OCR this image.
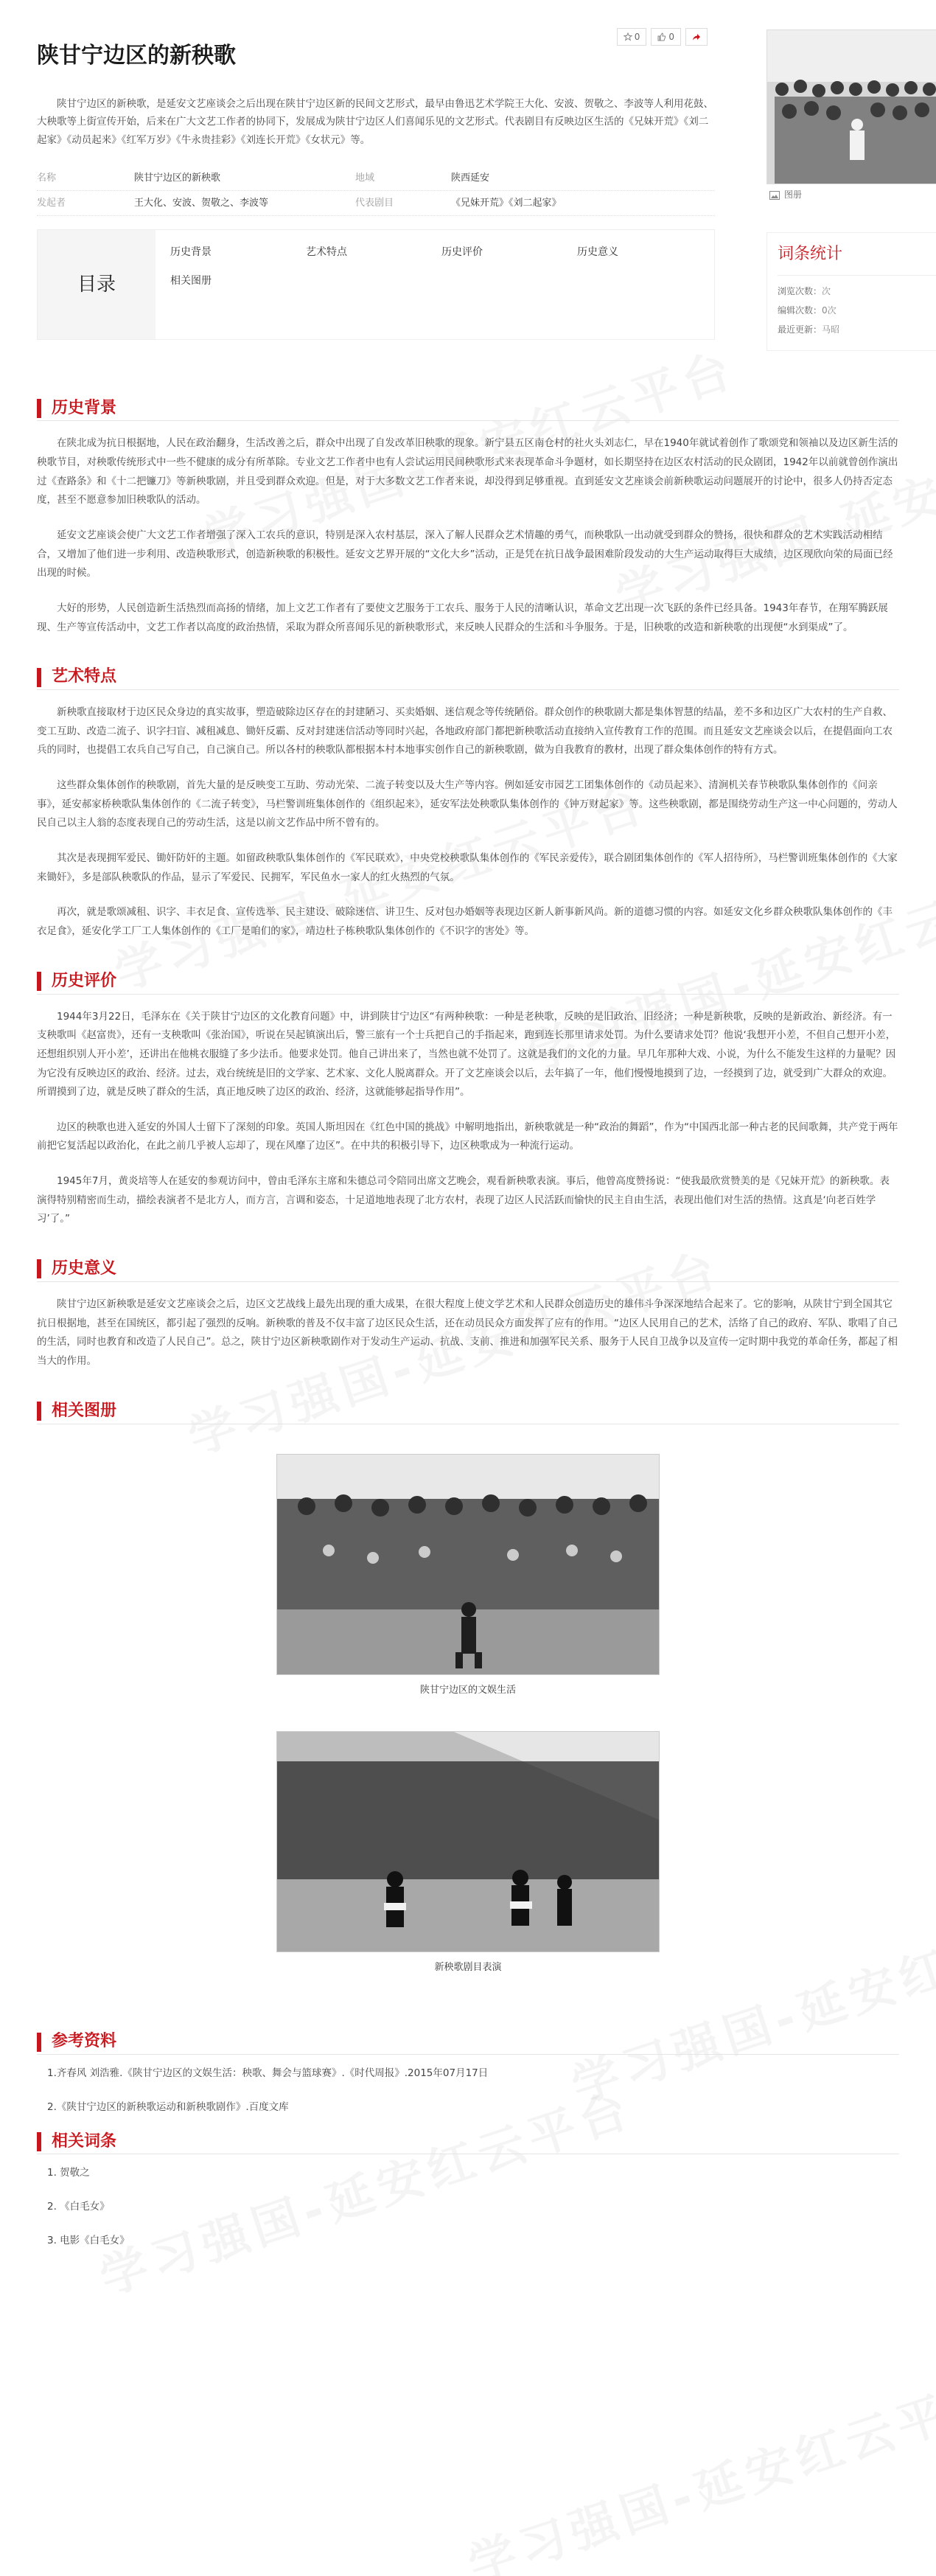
陕甘宁边区的新秧歌
0	0

陕甘宁边区的新秧歌，是延安文艺座谈会之后出现在陕甘宁边区新的民间文艺形式，最早由鲁迅艺术学院王大化、安波、贺敬之、李波等人利用花鼓、大秧歌等上街宣传开始，后来在广大文艺工作者的协同下，发展成为陕甘宁边区人们喜闻乐见的文艺形式。代表剧目有反映边区生活的《兄妹开荒》《刘二起家》《动员起来》《红军万岁》《牛永贵挂彩》《刘连长开荒》《女状元》等。

名称	陕甘宁边区的新秧歌	地域	陕西延安
发起者	王大化、安波、贺敬之、李波等	代表剧目	《兄妹开荒》《刘二起家》
目录
历史背景	艺术特点	历史评价	历史意义
相关图册
图册
词条统计
浏览次数：次
编辑次数：0次
最近更新：马昭
历史背景

在陕北成为抗日根据地，人民在政治翻身，生活改善之后，群众中出现了自发改革旧秧歌的现象。新宁县五区南仓村的社火头刘志仁，早在1940年就试着创作了歌颂党和领袖以及边区新生活的秧歌节目，对秧歌传统形式中一些不健康的成分有所革除。专业文艺工作者中也有人尝试运用民间秧歌形式来表现革命斗争题材，如长期坚持在边区农村活动的民众剧团，1942年以前就曾创作演出过《查路条》和《十二把镰刀》等新秧歌剧，并且受到群众欢迎。但是，对于大多数文艺工作者来说，却没得到足够重视。直到延安文艺座谈会前新秧歌运动问题展开的讨论中，很多人仍持否定态度，甚至不愿意参加旧秧歌队的活动。

延安文艺座谈会使广大文艺工作者增强了深入工农兵的意识，特别是深入农村基层，深入了解人民群众艺术情趣的勇气，而秧歌队一出动就受到群众的赞扬，很快和群众的艺术实践活动相结合，又增加了他们进一步利用、改造秧歌形式，创造新秧歌的积极性。延安文艺界开展的“文化大乡”活动，正是凭在抗日战争最困难阶段发动的大生产运动取得巨大成绩，边区现欣向荣的局面已经出现的时候。

大好的形势，人民创造新生活热烈而高扬的情绪，加上文艺工作者有了要使文艺服务于工农兵、服务于人民的清晰认识，革命文艺出现一次飞跃的条件已经具备。1943年春节，在翔军腾跃展现、生产等宣传活动中，文艺工作者以高度的政治热情，采取为群众所喜闻乐见的新秧歌形式，来反映人民群众的生活和斗争服务。于是，旧秧歌的改造和新秧歌的出现便“水到渠成”了。

艺术特点

新秧歌直接取材于边区民众身边的真实故事，塑造破除边区存在的封建陋习、买卖婚姻、迷信观念等传统陋俗。群众创作的秧歌剧大都是集体智慧的结晶，差不多和边区广大农村的生产自救、变工互助、改造二流子、识字扫盲、减租减息、锄奸反霸、反对封建迷信活动等同时兴起，各地政府部门都把新秧歌活动直接纳入宣传教育工作的范围。而且延安文艺座谈会以后，在提倡面向工农兵的同时，也提倡工农兵自己写自己，自己演自己。所以各村的秧歌队都根据本村本地事实创作自己的新秧歌剧，做为自我教育的教材，出现了群众集体创作的特有方式。

这些群众集体创作的秧歌剧，首先大量的是反映变工互助、劳动光荣、二流子转变以及大生产等内容。例如延安市园艺工团集体创作的《动员起来》、清涧机关春节秧歌队集体创作的《问亲事》，延安郝家桥秧歌队集体创作的《二流子转变》，马栏警训班集体创作的《组织起来》，延安军法处秧歌队集体创作的《钟万财起家》等。这些秧歌剧，都是围绕劳动生产这一中心问题的，劳动人民自己以主人翁的态度表现自己的劳动生活，这是以前文艺作品中所不曾有的。

其次是表现拥军爱民、锄奸防奸的主题。如留政秧歌队集体创作的《军民联欢》，中央党校秧歌队集体创作的《军民亲爱传》，联合剧团集体创作的《军人招待所》，马栏警训班集体创作的《大家来锄奸》，多是部队秧歌队的作品，显示了军爱民、民拥军，军民鱼水一家人的红火热烈的气氛。

再次，就是歌颂减租、识字、丰衣足食、宣传选举、民主建设、破除迷信、讲卫生、反对包办婚姻等表现边区新人新事新风尚。新的道德习惯的内容。如延安文化乡群众秧歌队集体创作的《丰衣足食》，延安化学工厂工人集体创作的《工厂是咱们的家》，靖边杜子栋秧歌队集体创作的《不识字的害处》等。

历史评价

1944年3月22日，毛泽东在《关于陕甘宁边区的文化教育问题》中，讲到陕甘宁边区“有两种秧歌：一种是老秧歌，反映的是旧政治、旧经济；一种是新秧歌，反映的是新政治、新经济。有一支秧歌叫《赵富贵》，还有一支秧歌叫《张治国》，听说在吴起镇演出后，警三旅有一个士兵把自己的手指起来，跑到连长那里请求处罚。为什么要请求处罚？他说‘我想开小差，不但自己想开小差，还想组织别人开小差’，还讲出在他桃衣服缝了多少法币。他要求处罚。他自己讲出来了，当然也就不处罚了。这就是我们的文化的力量。早几年那种大戏、小说，为什么不能发生这样的力量呢？因为它没有反映边区的政治、经济。过去，戏台统统是旧的文学家、艺术家、文化人脱离群众。开了文艺座谈会以后，去年搞了一年，他们慢慢地摸到了边，一经摸到了边，就受到广大群众的欢迎。所谓摸到了边，就是反映了群众的生活，真正地反映了边区的政治、经济，这就能够起指导作用”。

边区的秧歌也进入延安的外国人士留下了深刻的印象。英国人斯坦因在《红色中国的挑战》中解明地指出，新秧歌就是一种“政治的舞蹈”，作为“中国西北部一种古老的民间歌舞，共产党于两年前把它复活起以政治化，在此之前几乎被人忘却了，现在风靡了边区”。在中共的积极引导下，边区秧歌成为一种流行运动。

1945年7月，黄炎培等人在延安的参观访问中，曾由毛泽东主席和朱德总司令陪同出席文艺晚会，观看新秧歌表演。事后，他曾高度赞扬说：“使我最欣赏赞美的是《兄妹开荒》的新秧歌。表演得特别精密而生动，描绘表演者不是北方人，而方言，言调和姿态，十足道地地表现了北方农村，表现了边区人民活跃而愉快的民主自由生活，表现出他们对生活的热情。这真是‘向老百姓学习’了。”

历史意义

陕甘宁边区新秧歌是延安文艺座谈会之后，边区文艺战线上最先出现的重大成果，在很大程度上使文学艺术和人民群众创造历史的雄伟斗争深深地结合起来了。它的影响，从陕甘宁到全国其它抗日根据地，甚至在国统区，都引起了强烈的反响。新秧歌的普及不仅丰富了边区民众生活，还在动员民众方面发挥了应有的作用。“边区人民用自己的艺术，活络了自己的政府、军队、歌唱了自己的生活，同时也教育和改造了人民自己”。总之，陕甘宁边区新秧歌剧作对于发动生产运动、抗战、支前、推进和加强军民关系、服务于人民自卫战争以及宣传一定时期中我党的革命任务，都起了相当大的作用。

相关图册
陕甘宁边区的文娱生活
新秧歌剧目表演
参考资料
1.齐春风 刘浩雅.《陕甘宁边区的文娱生活：秧歌、舞会与篮球赛》.《时代周报》.2015年07月17日
2.《陕甘宁边区的新秧歌运动和新秧歌剧作》.百度文库
相关词条
1. 贺敬之
2. 《白毛女》
3. 电影《白毛女》
